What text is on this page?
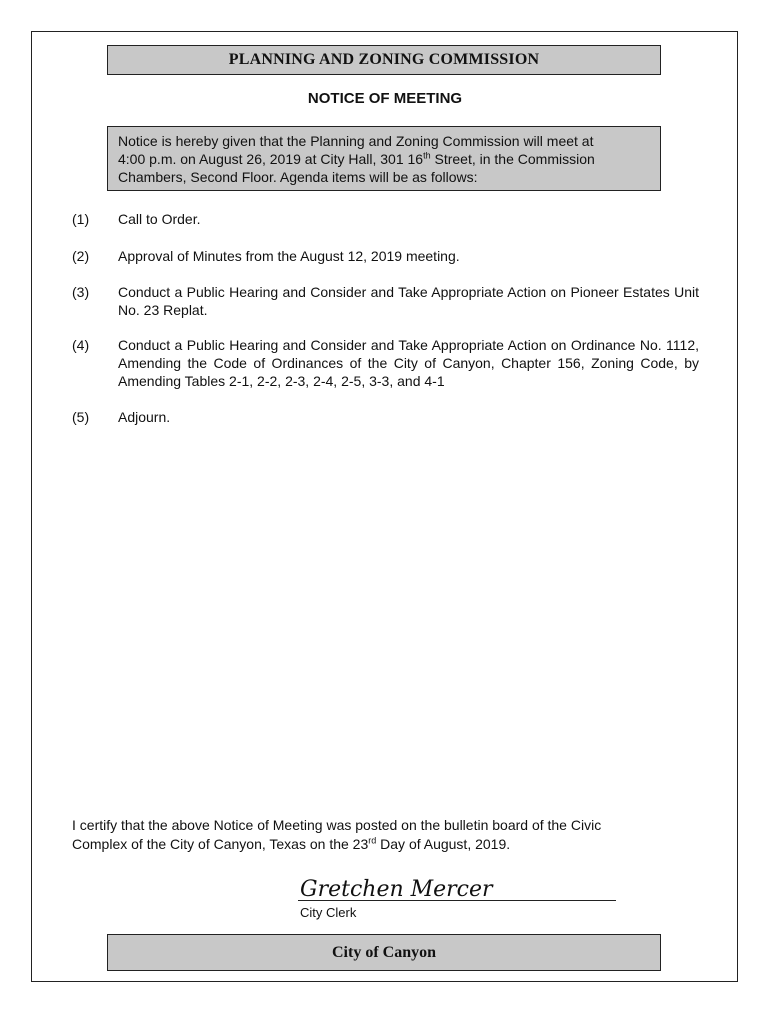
PLANNING AND ZONING COMMISSION
NOTICE OF MEETING
Notice is hereby given that the Planning and Zoning Commission will meet at
4:00 p.m. on August 26, 2019 at City Hall, 301 16th Street, in the Commission
Chambers, Second Floor. Agenda items will be as follows:
(1)	Call to Order.
(2)	Approval of Minutes from the August 12, 2019 meeting.
(3)	Conduct a Public Hearing and Consider and Take Appropriate Action on Pioneer Estates Unit No. 23 Replat.
(4)	Conduct a Public Hearing and Consider and Take Appropriate Action on Ordinance No. 1112, Amending the Code of Ordinances of the City of Canyon, Chapter 156, Zoning Code, by Amending Tables 2-1, 2-2, 2-3, 2-4, 2-5, 3-3, and 4-1
(5)	Adjourn.
I certify that the above Notice of Meeting was posted on the bulletin board of the Civic
Complex of the City of Canyon, Texas on the 23rd Day of August, 2019.
Gretchen Mercer
City Clerk
City of Canyon
